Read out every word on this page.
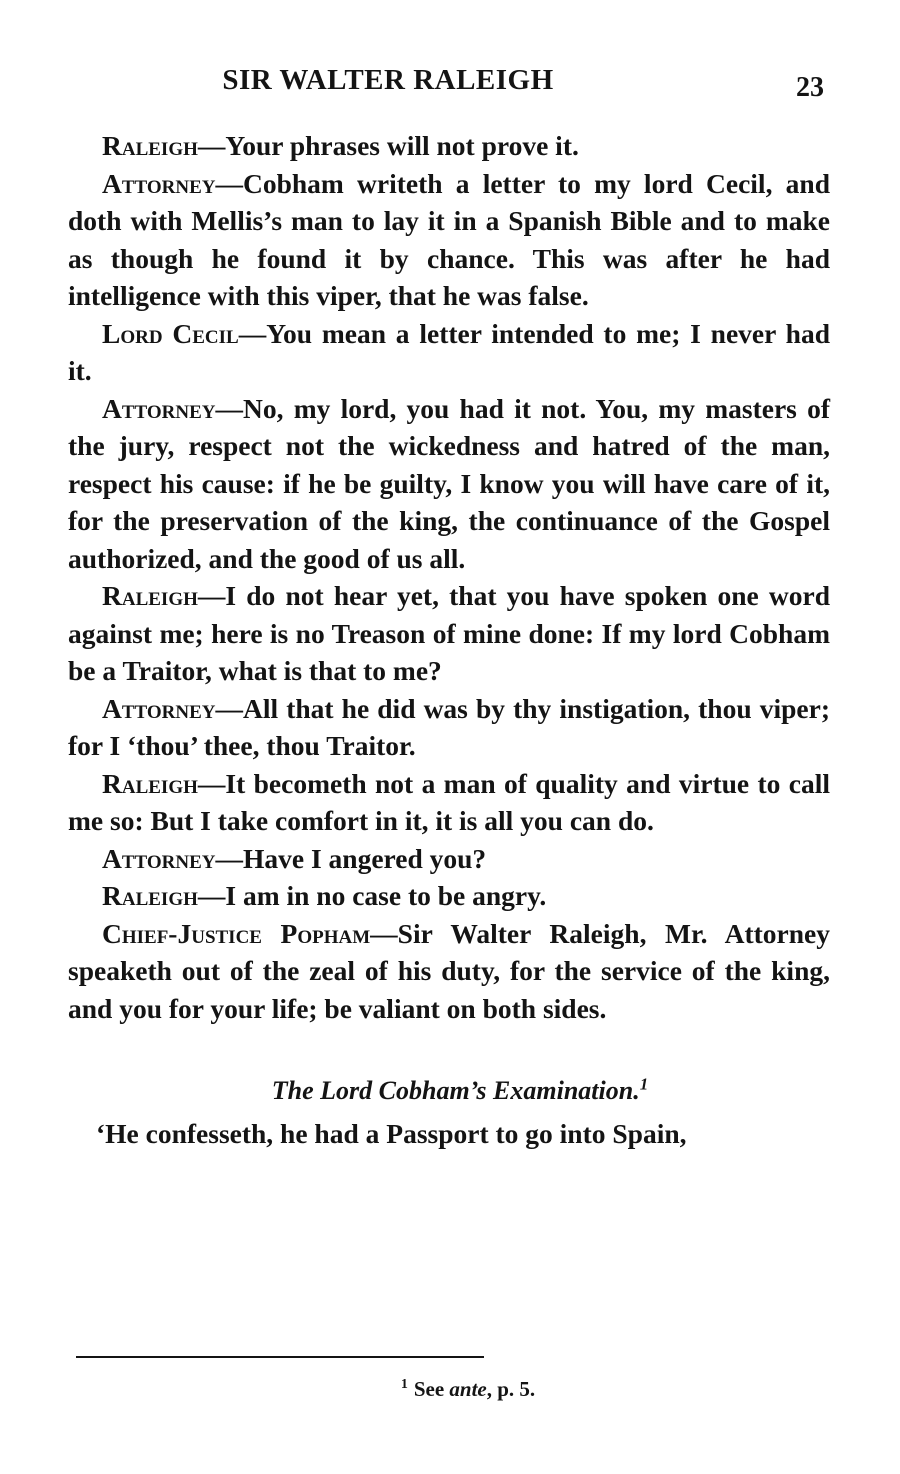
SIR WALTER RALEIGH	23

Raleigh—Your phrases will not prove it.

Attorney—Cobham writeth a letter to my lord Cecil, and doth with Mellis’s man to lay it in a Spanish Bible and to make as though he found it by chance. This was after he had intelligence with this viper, that he was false.

Lord Cecil—You mean a letter intended to me; I never had it.

Attorney—No, my lord, you had it not. You, my masters of the jury, respect not the wickedness and hatred of the man, respect his cause: if he be guilty, I know you will have care of it, for the preservation of the king, the continuance of the Gospel authorized, and the good of us all.

Raleigh—I do not hear yet, that you have spoken one word against me; here is no Treason of mine done: If my lord Cobham be a Traitor, what is that to me?

Attorney—All that he did was by thy instigation, thou viper; for I ‘thou’ thee, thou Traitor.

Raleigh—It becometh not a man of quality and virtue to call me so: But I take comfort in it, it is all you can do.

Attorney—Have I angered you?

Raleigh—I am in no case to be angry.

Chief-Justice Popham—Sir Walter Raleigh, Mr. Attorney speaketh out of the zeal of his duty, for the service of the king, and you for your life; be valiant on both sides.

The Lord Cobham’s Examination.$^1$

‘He confesseth, he had a Passport to go into Spain,

$^1$ See ante, p. 5.
